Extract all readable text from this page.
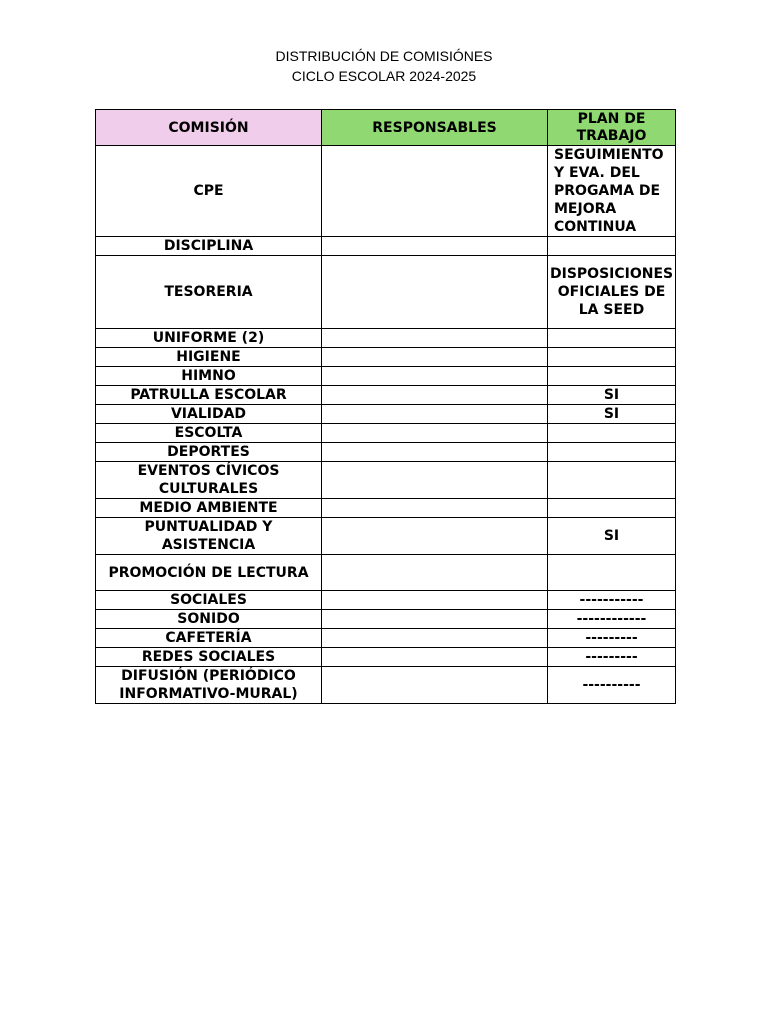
DISTRIBUCIÓN DE COMISIÓNES
CICLO ESCOLAR 2024-2025
COMISIÓN	RESPONSABLES	PLAN DE TRABAJO
CPE		SEGUIMIENTO Y EVA. DEL PROGAMA DE MEJORA CONTINUA
DISCIPLINA		
TESORERIA		DISPOSICIONES OFICIALES DE LA SEED
UNIFORME (2)		
HIGIENE		
HIMNO		
PATRULLA ESCOLAR		SI
VIALIDAD		SI
ESCOLTA		
DEPORTES		
EVENTOS CÍVICOS CULTURALES		
MEDIO AMBIENTE		
PUNTUALIDAD Y ASISTENCIA		SI
PROMOCIÓN DE LECTURA		
SOCIALES		-----------
SONIDO		------------
CAFETERÍA		---------
REDES SOCIALES		---------
DIFUSIÓN (PERIÓDICO INFORMATIVO-MURAL)		----------
